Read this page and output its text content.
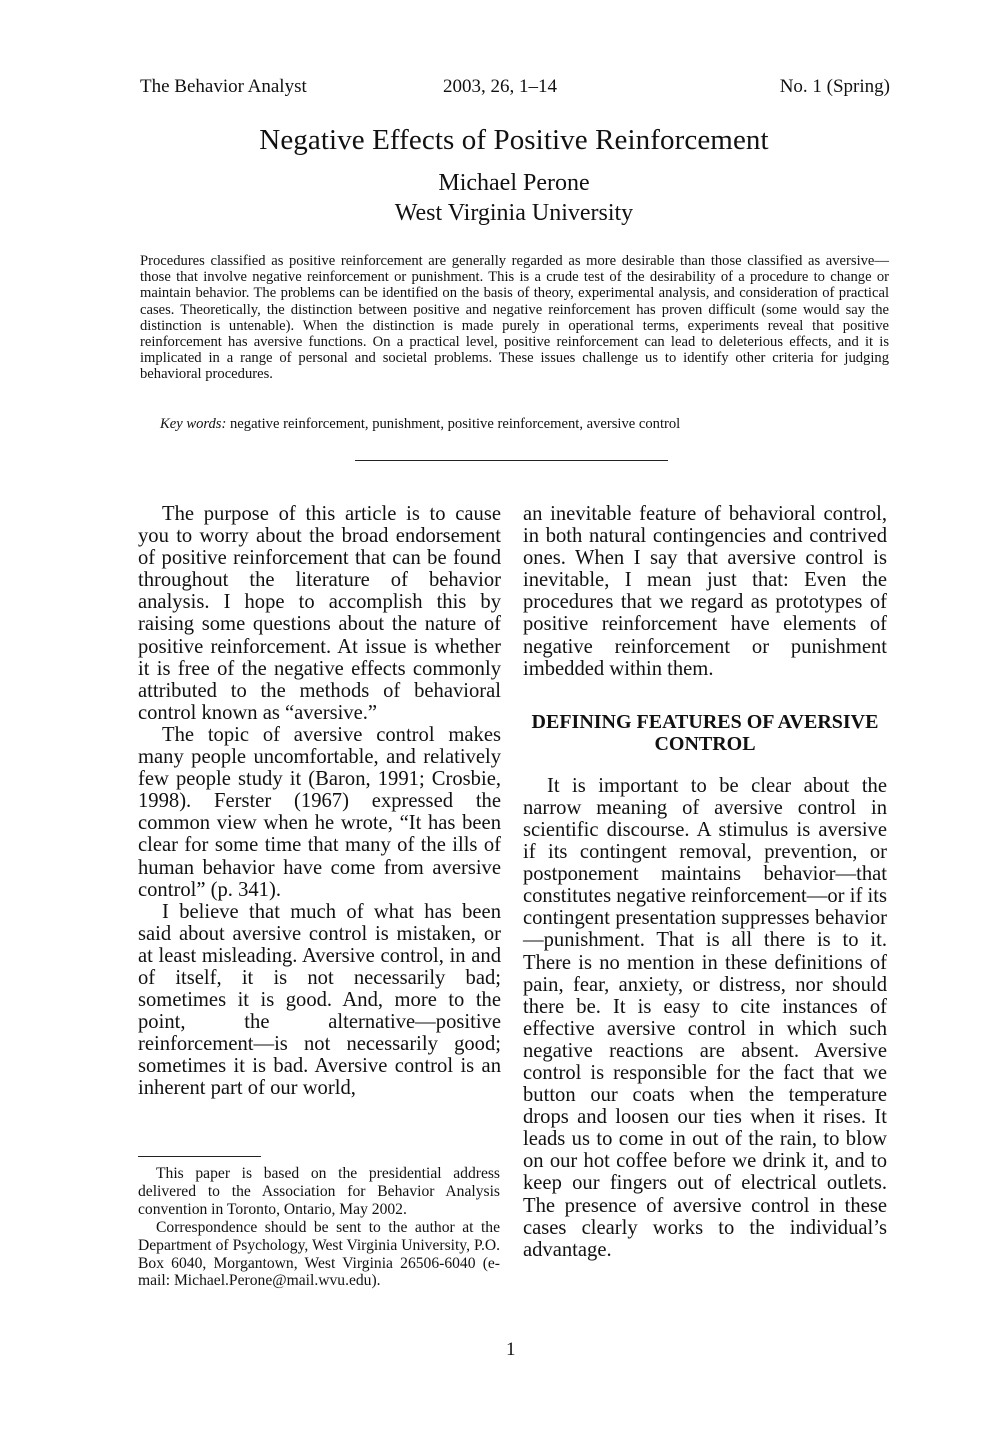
The Behavior Analyst	2003, 26, 1–14	No. 1 (Spring)
Negative Effects of Positive Reinforcement
Michael Perone
West Virginia University

Procedures classified as positive reinforcement are generally regarded as more desirable than those classified as aversive—those that involve negative reinforcement or punishment. This is a crude test of the desirability of a procedure to change or maintain behavior. The problems can be identified on the basis of theory, experimental analysis, and consideration of practical cases. Theoretically, the distinction between positive and negative reinforcement has proven difficult (some would say the distinction is untenable). When the distinction is made purely in operational terms, experiments reveal that positive reinforcement has aversive functions. On a practical level, positive reinforcement can lead to deleterious effects, and it is implicated in a range of personal and societal problems. These issues challenge us to identify other criteria for judging behavioral procedures.

Key words: negative reinforcement, punishment, positive reinforcement, aversive control

The purpose of this article is to cause you to worry about the broad endorsement of positive reinforcement that can be found throughout the literature of behavior analysis. I hope to accomplish this by raising some questions about the nature of positive reinforcement. At issue is whether it is free of the negative effects commonly attributed to the methods of behavioral control known as “aversive.”

The topic of aversive control makes many people uncomfortable, and relatively few people study it (Baron, 1991; Crosbie, 1998). Ferster (1967) expressed the common view when he wrote, “It has been clear for some time that many of the ills of human behavior have come from aversive control” (p. 341).

I believe that much of what has been said about aversive control is mistaken, or at least misleading. Aversive control, in and of itself, it is not necessarily bad; sometimes it is good. And, more to the point, the alternative—positive reinforcement—is not necessarily good; sometimes it is bad. Aversive control is an inherent part of our world,

an inevitable feature of behavioral control, in both natural contingencies and contrived ones. When I say that aversive control is inevitable, I mean just that: Even the procedures that we regard as prototypes of positive reinforcement have elements of negative reinforcement or punishment imbedded within them.

DEFINING FEATURES OF AVERSIVE CONTROL

It is important to be clear about the narrow meaning of aversive control in scientific discourse. A stimulus is aversive if its contingent removal, prevention, or postponement maintains behavior—that constitutes negative reinforcement—or if its contingent presentation suppresses behavior—punishment. That is all there is to it. There is no mention in these definitions of pain, fear, anxiety, or distress, nor should there be. It is easy to cite instances of effective aversive control in which such negative reactions are absent. Aversive control is responsible for the fact that we button our coats when the temperature drops and loosen our ties when it rises. It leads us to come in out of the rain, to blow on our hot coffee before we drink it, and to keep our fingers out of electrical outlets. The presence of aversive control in these cases clearly works to the individual’s advantage.

This paper is based on the presidential address delivered to the Association for Behavior Analysis convention in Toronto, Ontario, May 2002.

Correspondence should be sent to the author at the Department of Psychology, West Virginia University, P.O. Box 6040, Morgantown, West Virginia 26506-6040 (e-mail: Michael.Perone@mail.wvu.edu).

1
